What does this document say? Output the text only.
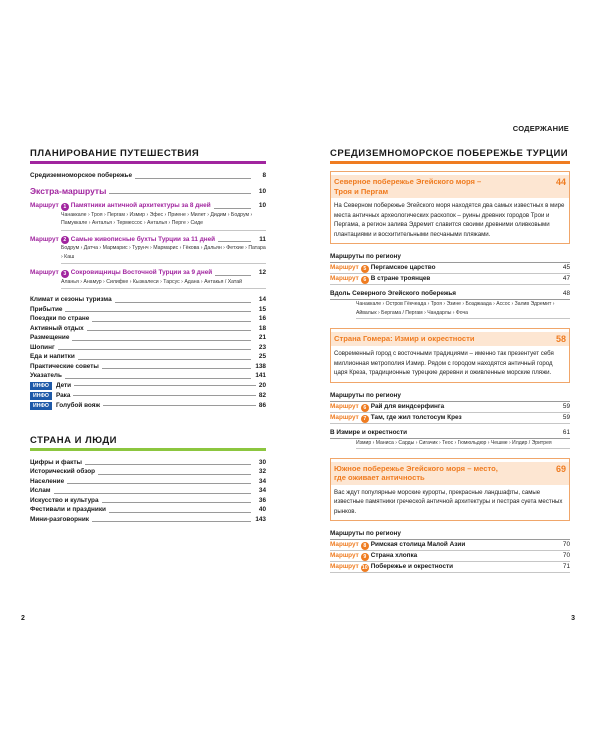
СОДЕРЖАНИЕ
ПЛАНИРОВАНИЕ ПУТЕШЕСТВИЯ
Средиземноморское побережье	8
Экстра-маршруты	10
Маршрут 1 Памятники античной архитектуры за 8 дней	10
Чанаккале › Троя › Пергам › Измир › Эфес › Приене › Милет › Дидим › Бодрум › Памуккале › Анталья › Термессос › Анталья › Перге › Сиде
Маршрут 2 Самые живописные бухты Турции за 11 дней	11
Бодрум › Датча › Мармарис › Турунч › Мармарис › Гёкова › Дальян › Фетхие › Патара › Каш
Маршрут 3 Сокровищницы Восточной Турции за 9 дней	12
Аланья › Анамур › Силифке › Кызкалеси › Тарсус › Адана › Антакья / Хатай
Климат и сезоны туризма	14
Прибытие	15
Поездки по стране	16
Активный отдых	18
Размещение	21
Шопинг	23
Еда и напитки	25
Практические советы	138
Указатель	141
ИНФО	Дети	20
ИНФО	Рака	82
ИНФО	Голубой вояж	86
СТРАНА И ЛЮДИ
Цифры и факты	30
Исторический обзор	32
Население	34
Ислам	34
Искусство и культура	36
Фестивали и праздники	40
Мини-разговорник	143
СРЕДИЗЕМНОМОРСКОЕ ПОБЕРЕЖЬЕ ТУРЦИИ
Северное побережье Эгейского моря –
Троя и Пергам
44
На Северном побережье Эгейского моря находятся два самых известных в мире места античных археологических раскопок – руины древних городов Трои и Пергама, а регион залива Эдремит славится своими древними оливковыми плантациями и восхитительными песчаными пляжами.
Маршруты по региону
Маршрут 5 Пергамское царство	45
Маршрут 6 В стране троянцев	47
Вдоль Северного Эгейского побережья	48
Чанаккале › Остров Гёкчеада › Троя › Эзине › Бозджаада › Ассос › Залив Эдремит › Айвалык › Бергама / Пергам › Чандарлы › Фоча
Страна Гомера: Измир и окрестности	58
Современный город с восточными традициями – именно так презентует себя миллионная метрополия Измир. Рядом с городом находятся античный город царя Креза, традиционные турецкие деревни и оживленные морские пляжи.
Маршруты по региону
Маршрут 6 Рай для виндсерфинга	59
Маршрут 7 Там, где жил толстосум Крез	59
В Измире и окрестности	61
Измир › Маниса › Сарды › Сигачик › Теос › Гюмюльдюр › Чешме › Илдир / Эритрея
Южное побережье Эгейского моря – место,
где оживает античность
69
Вас ждут популярные морские курорты, прекрасные ландшафты, самые известные памятники греческой античной архитектуры и пестрая суета местных рынков.
Маршруты по региону
Маршрут 8 Римская столица Малой Азии	70
Маршрут 9 Страна хлопка	70
Маршрут 10 Побережье и окрестности	71
2	3
